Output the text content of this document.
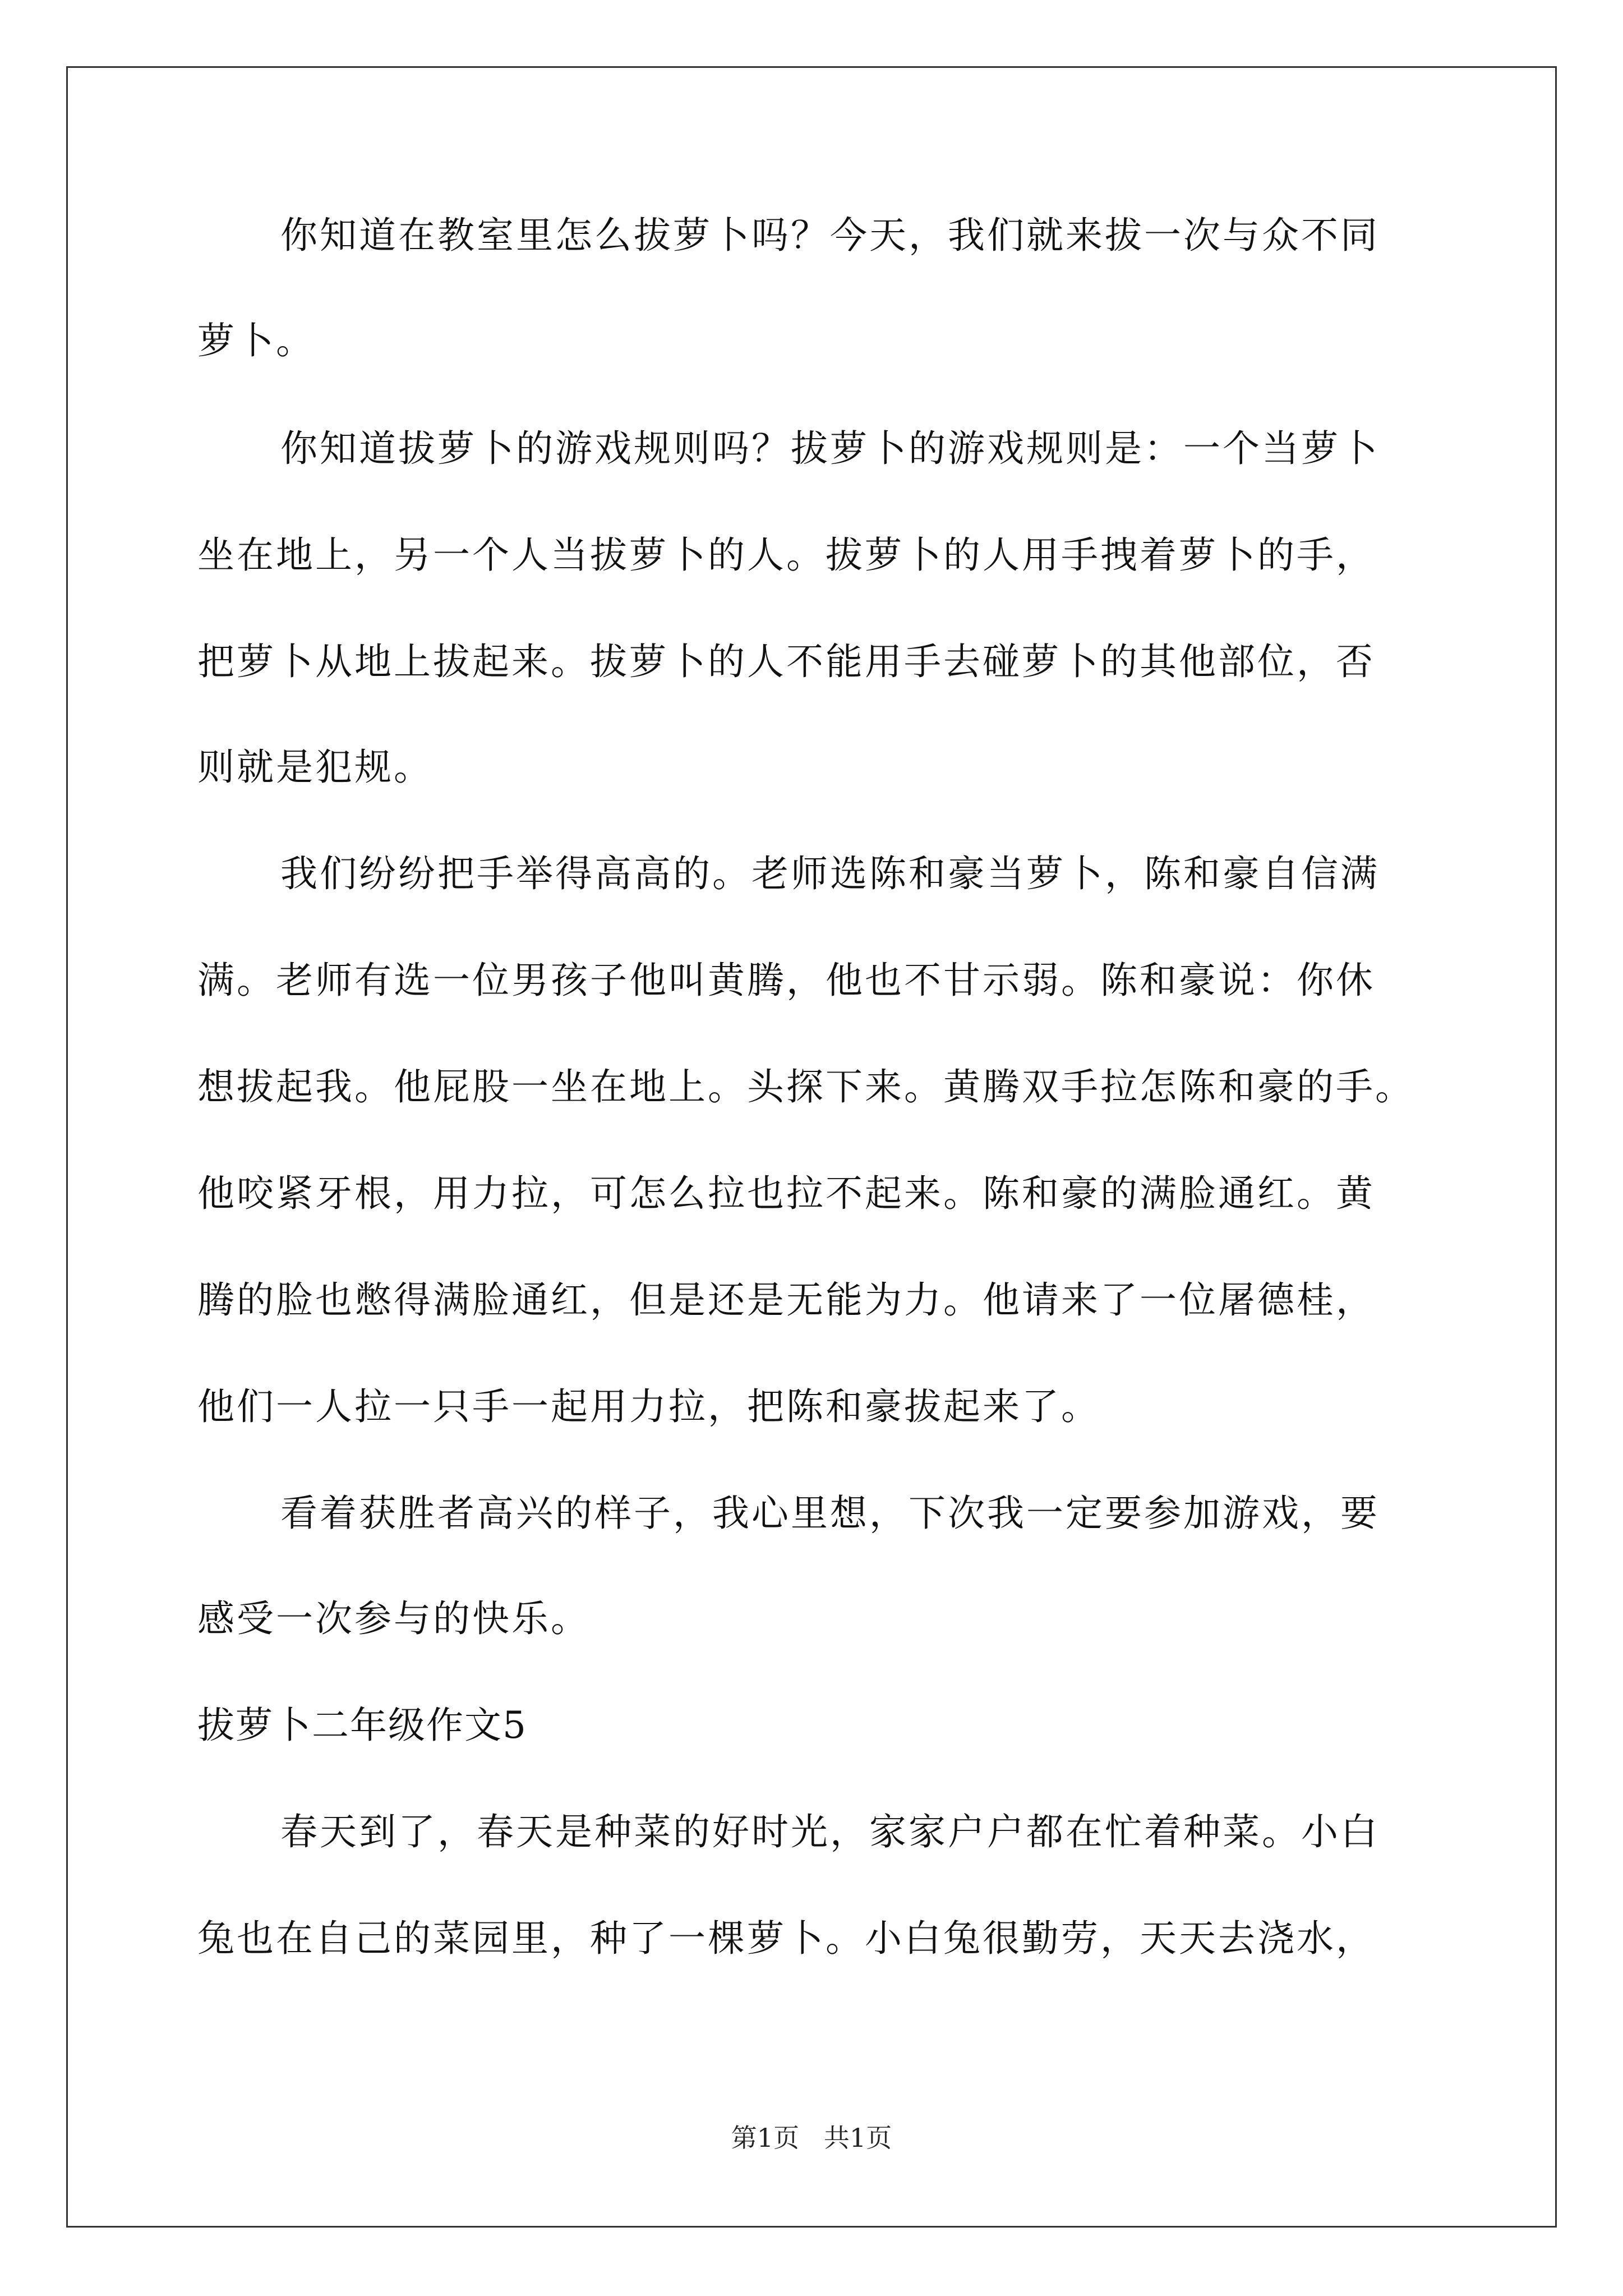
你知道在教室里怎么拔萝卜吗？今天，我们就来拔一次与众不同
萝卜。
你知道拔萝卜的游戏规则吗？拔萝卜的游戏规则是：一个当萝卜
坐在地上，另一个人当拔萝卜的人。拔萝卜的人用手拽着萝卜的手，
把萝卜从地上拔起来。拔萝卜的人不能用手去碰萝卜的其他部位，否
则就是犯规。
我们纷纷把手举得高高的。老师选陈和豪当萝卜，陈和豪自信满
满。老师有选一位男孩子他叫黄腾，他也不甘示弱。陈和豪说：你休
想拔起我。他屁股一坐在地上。头探下来。黄腾双手拉怎陈和豪的手。
他咬紧牙根，用力拉，可怎么拉也拉不起来。陈和豪的满脸通红。黄
腾的脸也憋得满脸通红，但是还是无能为力。他请来了一位屠德桂，
他们一人拉一只手一起用力拉，把陈和豪拔起来了。
看着获胜者高兴的样子，我心里想，下次我一定要参加游戏，要
感受一次参与的快乐。
拔萝卜二年级作文5
春天到了，春天是种菜的好时光，家家户户都在忙着种菜。小白
兔也在自己的菜园里，种了一棵萝卜。小白兔很勤劳，天天去浇水，
第1页   共1页
